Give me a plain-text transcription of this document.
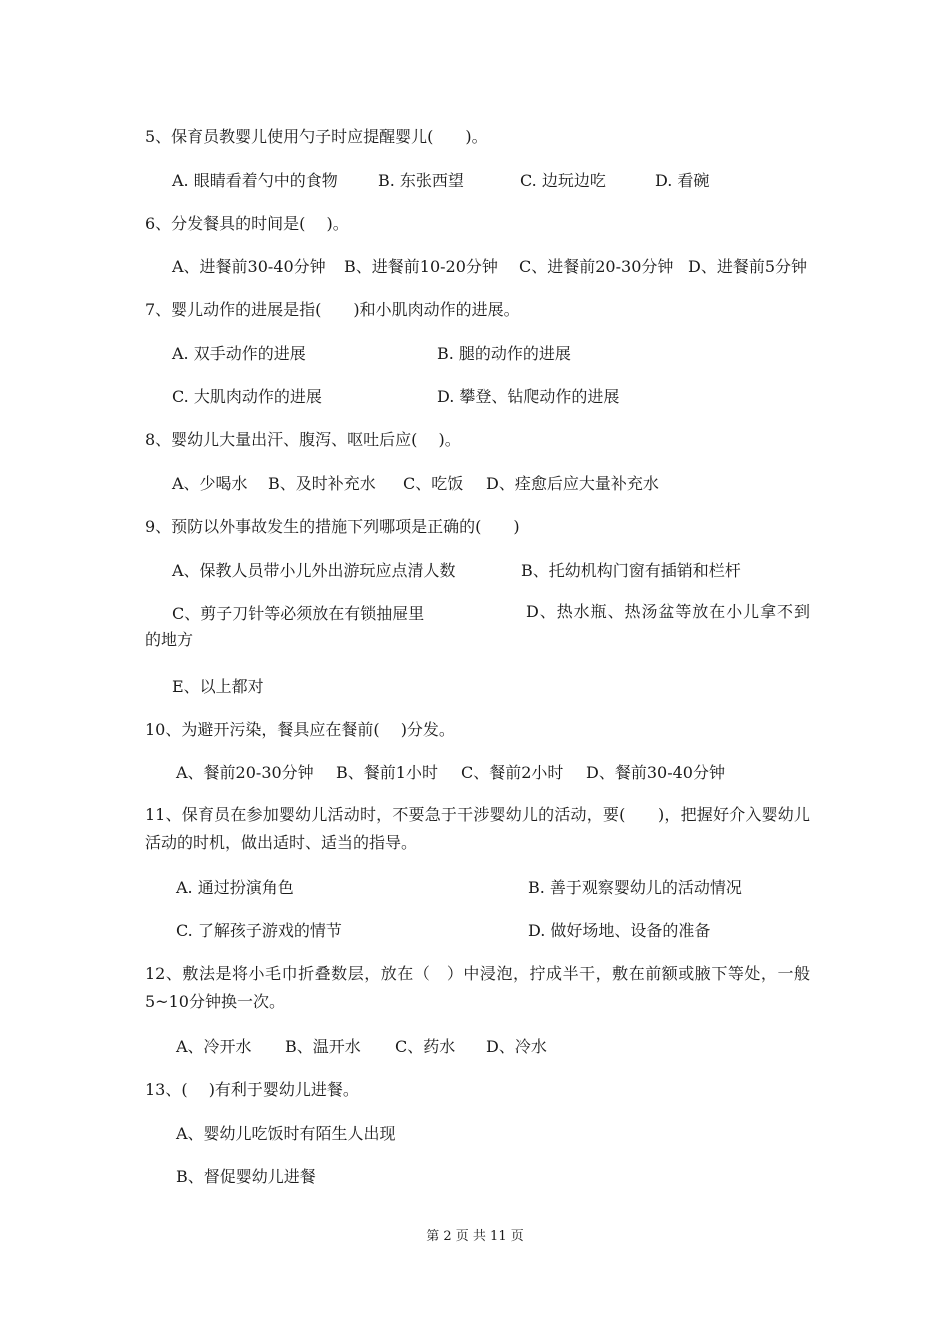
5、保育员教婴儿使用勺子时应提醒婴儿(　　)。
A. 眼睛看着勺中的食物	B. 东张西望	C. 边玩边吃	D. 看碗
6、分发餐具的时间是(　 )。
A、进餐前30-40分钟 B、进餐前10-20分钟 C、进餐前20-30分钟 D、进餐前5分钟
7、婴儿动作的进展是指(　　)和小肌肉动作的进展。
A. 双手动作的进展	B. 腿的动作的进展
C. 大肌肉动作的进展	D. 攀登、钻爬动作的进展
8、婴幼儿大量出汗、腹泻、呕吐后应(　 )。
A、少喝水 B、及时补充水 C、吃饭 D、痊愈后应大量补充水
9、预防以外事故发生的措施下列哪项是正确的(　　)
A、保教人员带小儿外出游玩应点清人数	B、托幼机构门窗有插销和栏杆
C、剪子刀针等必须放在有锁抽屉里	D、热水瓶、热汤盆等放在小儿拿不到的地方
E、以上都对
10、为避开污染，餐具应在餐前(　 )分发。
A、餐前20-30分钟 B、餐前1小时 C、餐前2小时 D、餐前30-40分钟
11、保育员在参加婴幼儿活动时，不要急于干涉婴幼儿的活动，要(　　)，把握好介入婴幼儿活动的时机，做出适时、适当的指导。
A. 通过扮演角色	B. 善于观察婴幼儿的活动情况
C. 了解孩子游戏的情节	D. 做好场地、设备的准备
12、敷法是将小毛巾折叠数层，放在（　）中浸泡，拧成半干，敷在前额或腋下等处，一般5~10分钟换一次。
A、冷开水 B、温开水 C、药水 D、冷水
13、(　 )有利于婴幼儿进餐。
A、婴幼儿吃饭时有陌生人出现
B、督促婴幼儿进餐
第 2 页 共 11 页
